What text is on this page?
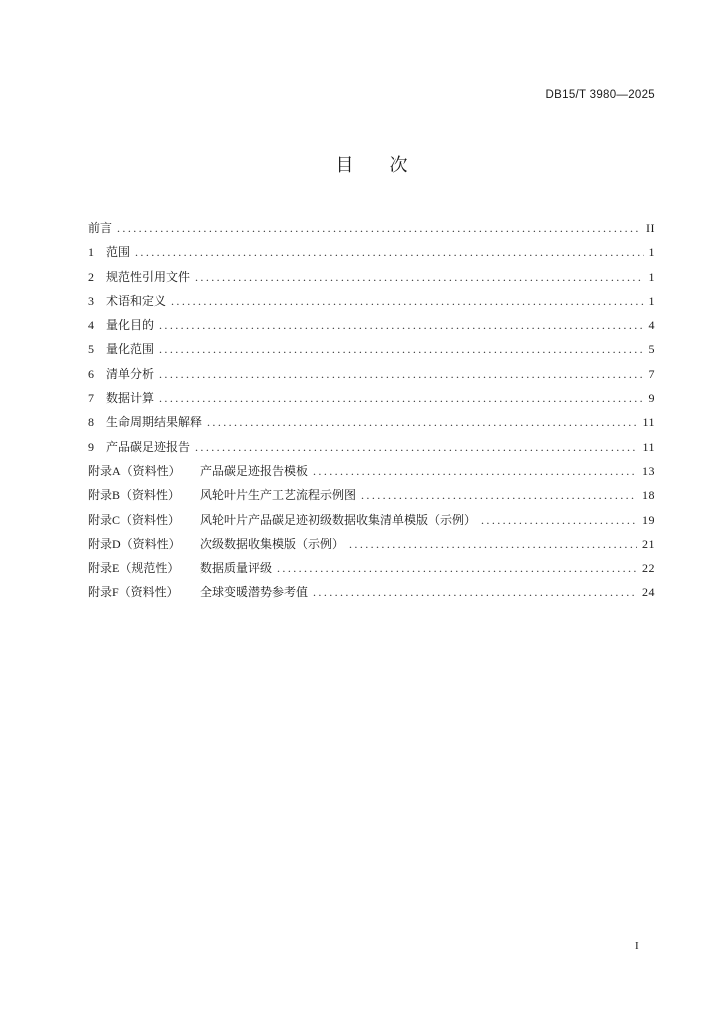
DB15/T 3980—2025
目　　次
前言 .....	II
1	范围 .....	1
2	规范性引用文件 .....	1
3	术语和定义 .....	1
4	量化目的 .....	4
5	量化范围 .....	5
6	清单分析 .....	7
7	数据计算 .....	9
8	生命周期结果解释 .....	11
9	产品碳足迹报告 .....	11
附录A（资料性）	产品碳足迹报告模板 .....	13
附录B（资料性）	风轮叶片生产工艺流程示例图 .....	18
附录C（资料性）	风轮叶片产品碳足迹初级数据收集清单模版（示例） .....	19
附录D（资料性）	次级数据收集模版（示例） .....	21
附录E（规范性）	数据质量评级 .....	22
附录F（资料性）	全球变暖潜势参考值 .....	24
I
